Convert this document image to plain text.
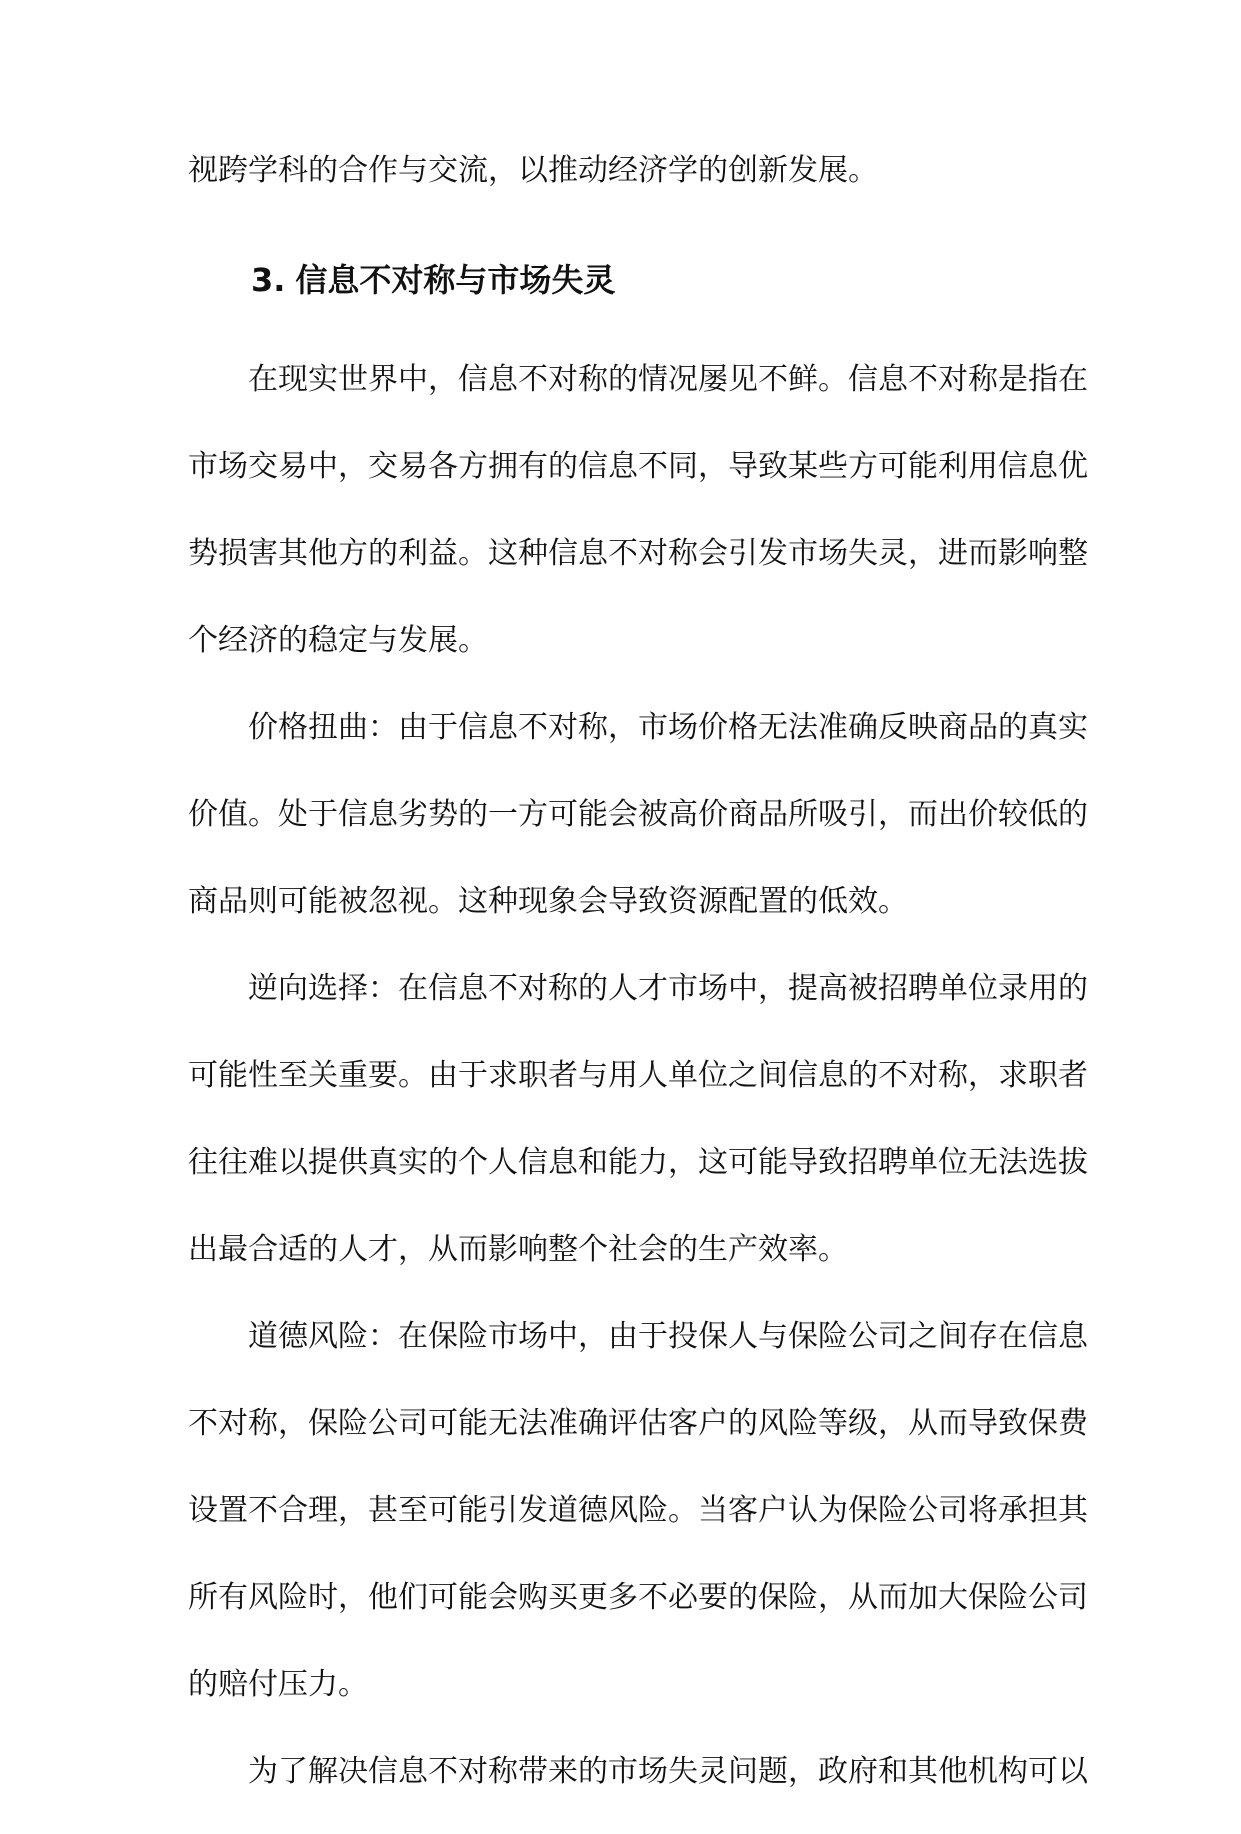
视跨学科的合作与交流，以推动经济学的创新发展。
3. 信息不对称与市场失灵
在现实世界中，信息不对称的情况屡见不鲜。信息不对称是指在
市场交易中，交易各方拥有的信息不同，导致某些方可能利用信息优
势损害其他方的利益。这种信息不对称会引发市场失灵，进而影响整
个经济的稳定与发展。
价格扭曲：由于信息不对称，市场价格无法准确反映商品的真实
价值。处于信息劣势的一方可能会被高价商品所吸引，而出价较低的
商品则可能被忽视。这种现象会导致资源配置的低效。
逆向选择：在信息不对称的人才市场中，提高被招聘单位录用的
可能性至关重要。由于求职者与用人单位之间信息的不对称，求职者
往往难以提供真实的个人信息和能力，这可能导致招聘单位无法选拔
出最合适的人才，从而影响整个社会的生产效率。
道德风险：在保险市场中，由于投保人与保险公司之间存在信息
不对称，保险公司可能无法准确评估客户的风险等级，从而导致保费
设置不合理，甚至可能引发道德风险。当客户认为保险公司将承担其
所有风险时，他们可能会购买更多不必要的保险，从而加大保险公司
的赔付压力。
为了解决信息不对称带来的市场失灵问题，政府和其他机构可以
